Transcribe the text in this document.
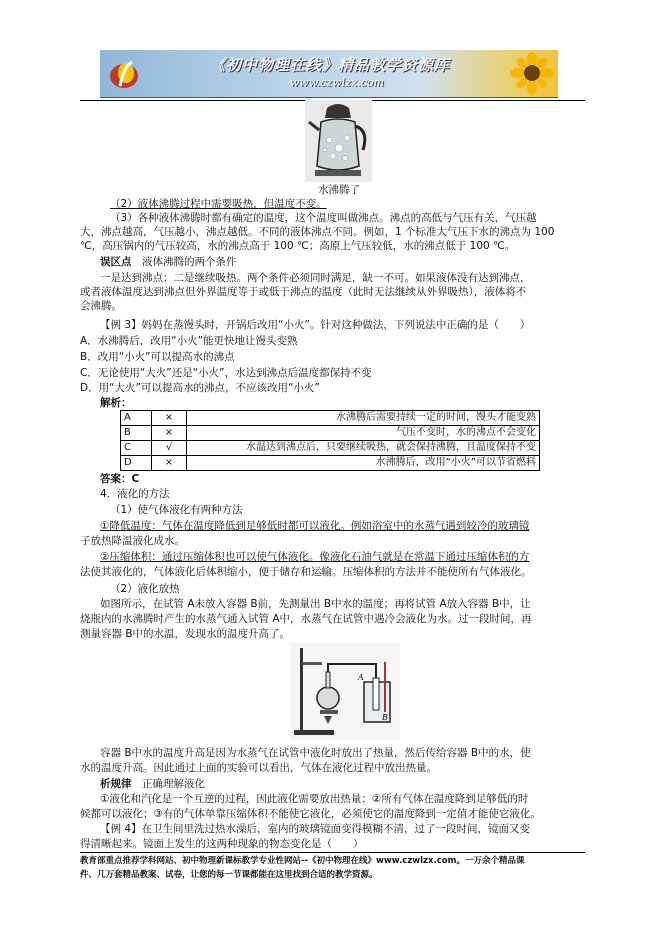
《初中物理在线》精品教学资源库
www.czwlzx.com
水沸腾了
（2）液体沸腾过程中需要吸热，但温度不变。
（3）各种液体沸腾时都有确定的温度，这个温度叫做沸点。沸点的高低与气压有关，气压越
大，沸点越高，气压越小，沸点越低。不同的液体沸点不同。例如，1 个标准大气压下水的沸点为 100
℃，高压锅内的气压较高，水的沸点高于 100 ℃；高原上气压较低，水的沸点低于 100 ℃。
误区点　 液体沸腾的两个条件
一是达到沸点；二是继续吸热。两个条件必须同时满足，缺一不可。如果液体没有达到沸点，
或者液体温度达到沸点但外界温度等于或低于沸点的温度（此时无法继续从外界吸热），液体将不
会沸腾。
【例 3】妈妈在蒸馒头时，开锅后改用“小火”。针对这种做法，下列说法中正确的是（　　）
A．水沸腾后，改用“小火”能更快地让馒头变熟
B．改用“小火”可以提高水的沸点
C．无论使用“大火”还是“小火”，水达到沸点后温度都保持不变
D．用“大火”可以提高水的沸点，不应该改用“小火”
解析：
A	×	水沸腾后需要持续一定的时间，馒头才能变熟
B	×	气压不变时，水的沸点不会变化
C	√	水温达到沸点后，只要继续吸热，就会保持沸腾，且温度保持不变
D	×	水沸腾后，改用“小火”可以节省燃料
答案：C
4．液化的方法
（1）使气体液化有两种方法
①降低温度：气体在温度降低到足够低时都可以液化。例如浴室中的水蒸气遇到较冷的玻璃镜
子放热降温液化成水。
②压缩体积：通过压缩体积也可以使气体液化。像液化石油气就是在常温下通过压缩体积的方
法使其液化的，气体液化后体积缩小，便于储存和运输。压缩体积的方法并不能使所有气体液化。
（2）液化放热
如图所示，在试管 A未放入容器 B前，先测量出 B中水的温度；再将试管 A放入容器 B中，让
烧瓶内的水沸腾时产生的水蒸气通入试管 A中，水蒸气在试管中遇冷会液化为水。过一段时间，再
测量容器 B中的水温，发现水的温度升高了。
A
B
容器 B中水的温度升高是因为水蒸气在试管中液化时放出了热量，然后传给容器 B中的水，使
水的温度升高。因此通过上面的实验可以看出，气体在液化过程中放出热量。
析规律　 正确理解液化
①液化和汽化是一个互逆的过程，因此液化需要放出热量；②所有气体在温度降到足够低的时
候都可以液化；③有的气体单靠压缩体积不能使它液化，必须使它的温度降到一定值才能使它液化。
【例 4】在卫生间里洗过热水澡后，室内的玻璃镜面变得模糊不清，过了一段时间，镜面又变
得清晰起来。镜面上发生的这两种现象的物态变化是（　　）
教育部重点推荐学科网站、初中物理新课标教学专业性网站--《初中物理在线》www.czwlzx.com。一万余个精品课
件、几万套精品教案、试卷，让您的每一节课都能在这里找到合适的教学资源。
